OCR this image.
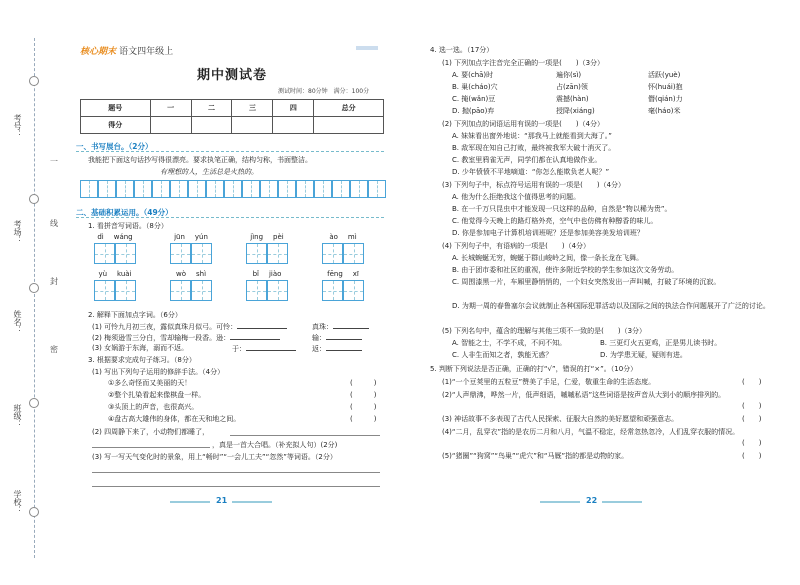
考号：
考场：
姓名：
班级：
学校：
一
线
封
密
核心期末 语文四年级上
期中测试卷
测试时间：80分钟　满分：100分
题号	一	二	三	四	总分
得分					
一、书写展台。（2分）
我能把下面这句话抄写得很漂亮。要求执笔正确，结构匀称，书面整洁。
有理想的人，生活总是火热的。
二、基础积累运用。（49分）
1. 看拼音写词语。（8分）
dì wáng	jūn yún	jìng pèi	ào mì
yù kuài	wò shì	bǐ jiào	fēng xī
2. 解释下面加点字词。（6分）
(1) 可怜九月初三夜，露似真珠月似弓。可怜：	真珠：
(2) 梅须逊雪三分白，雪却输梅一段香。逊：	输：
(3) 女娲游于东海，溺而不返。	于：	返：
3. 根据要求完成句子练习。（8分）
(1) 写出下列句子运用的修辞手法。（4分）
①多么奇怪而又美丽的天！	(　　　)
②整个扎染看起来像棋盘一样。	(　　　)
③头顶上的声音，也很高兴。	(　　　)
④盘古高大雄伟的身体，都在天和地之间。	(　　　)
(2) 四周静下来了，小动物们都睡了，
，真是一首大合唱。（补充拟人句）(2分)
(3) 写一写天气变化时的景象，用上“畅时”“一会儿工夫”“忽然”等词语。（2分）
21
4. 选一选。（17分）
(1) 下列加点字注音完全正确的一项是(　　)（3分）
A. 要(chā)时	遍你(sì)	活跃(yuè)
B. 巢(cháo)穴	占(zān)领	怀(huái)抱
C. 掩(wǎn)豆	震撼(hàn)	僭(qián)力
D. 抛(pāo)弃	授降(xiáng)	毫(háo)米
(2) 下列加点的词语运用有误的一项是(　　)（4分）
A. 妹妹看出窗外地说：“那我马上就能看到大海了。”
B. 敌军现在知自己打败，最终被我军大破十消灭了。
C. 教室里鸦雀无声，同学们都在认真地做作业。
D. 少年愤愤不平地嘀道：“你怎么能欺负老人呢？”
(3) 下列句子中，标点符号运用有误的一项是(　　)（4分）
A. 他为什么拒绝我这个值得思考的问题。
B. 在一千万只昆虫中才能发现一只这样的品种，自然是“物以稀为贵”。
C. 他觉得今天晚上的路灯格外亮，空气中也仿佛有种醇香的味儿。
D. 你是参加电子计算机培训班呢？还是参加美容美发培训班？
(4) 下列句子中，有语病的一项是(　　)（4分）
A. 长城蜿蜒无穷，蜿蜒于群山峻岭之间，像一条长龙在飞舞。
B. 由于团市委和社区的重视，使许多附近学校的学生参加这次文务劳动。
C. 周围漆黑一片，车厢里静悄悄的，一个妇女突然发出一声叫喊，打破了环境的沉寂。
D. 为期一周的春鲁塞尔会议就制止各种国际犯罪活动以及国际之间的执法合作问题展开了广泛的讨论。
(5) 下列名句中，蕴含的理解与其他三项不一致的是(　　)（3分）
A. 智能之士，不学不成，不问不知。	B. 三更灯火五更鸡，正是男儿读书时。
C. 人非生而知之者，孰能无惑？	D. 为学患无疑，疑则有进。
5. 判断下列说法是否正确，正确的打“√”，错误的打“×”。（10分）
(1)“一个豆荚里的五粒豆”赞美了手足，仁爱，敬重生命的生活态度。	(　　)
(2)“人声鼎沸，哗然一片，低声细语，嘁嘁私语”这些词语是按声音从大到小的顺序排列的。
(　　)
(3) 神话故事不多表现了古代人民探索、征服大自然的美好愿望和顽强意志。	(　　)
(4)“二月，乱穿衣”指的是农历二月和八月，气温不稳定，经常忽热忽冷，人们乱穿衣服的情况。
(　　)
(5)“猪圈”“狗窝”“鸟巢”“虎穴”和“马厩”指的都是动物的家。	(　　)
22
